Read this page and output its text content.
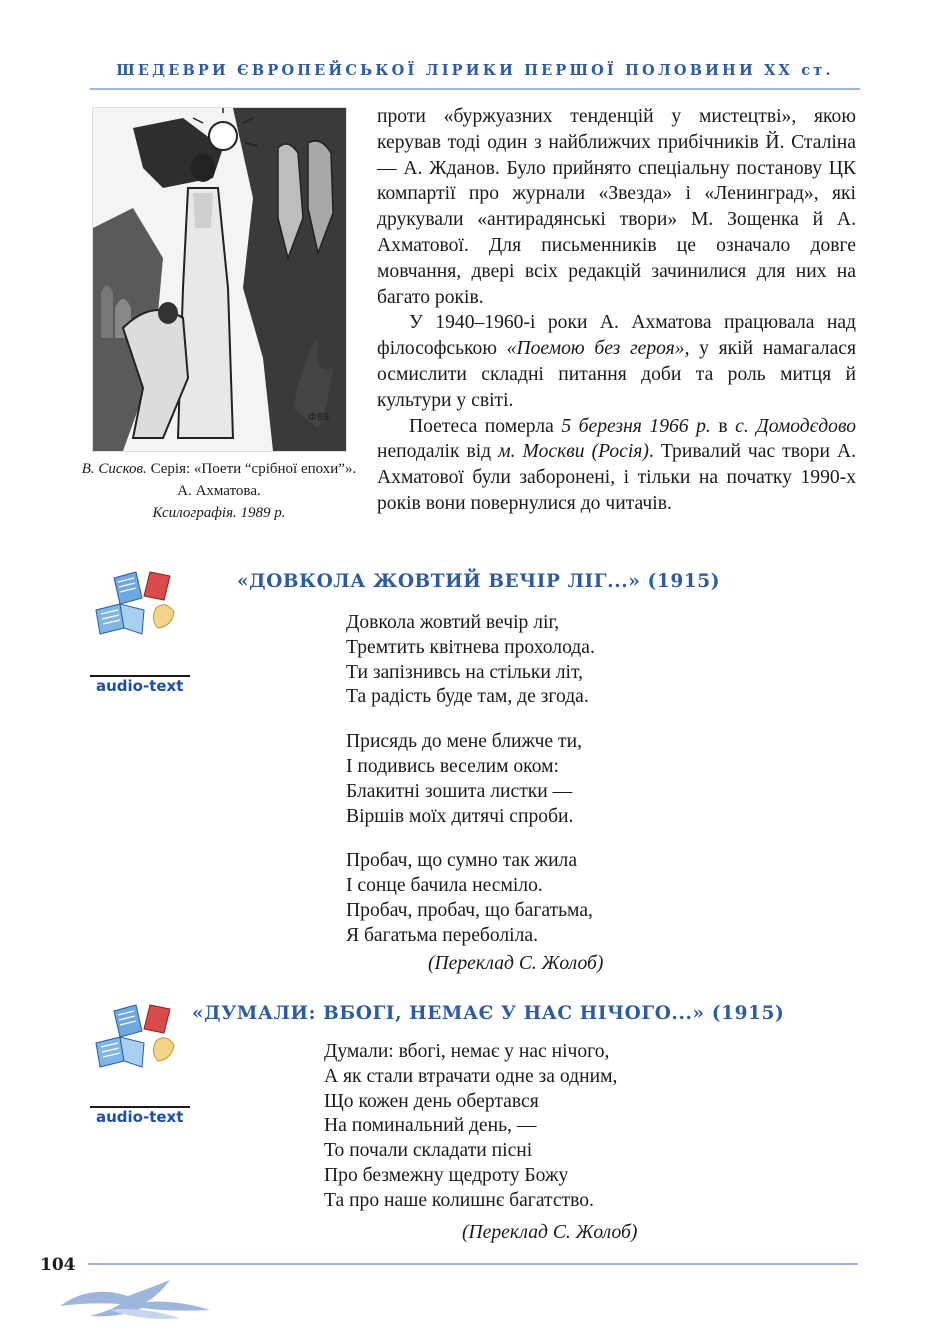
ШЕДЕВРИ ЄВРОПЕЙСЬКОЇ ЛІРИКИ ПЕРШОЇ ПОЛОВИНИ XX ст.
Ф89
В. Сисков. Серія: «Поети “срібної епохи”». А. Ахматова.
Ксилографія. 1989 р.

проти «буржуазних тенденцій у мистецтві», якою керував тоді один з найближчих прибічників Й. Сталіна — А. Жданов. Було прийнято спеціальну постанову ЦК компартії про журнали «Звезда» і «Ленинград», які друкували «антирадянські твори» М. Зощенка й А. Ахматової. Для письменників це означало довге мовчання, двері всіх редакцій зачинилися для них на багато років.

У 1940–1960-і роки А. Ахматова працювала над філософською «Поемою без героя», у якій намагалася осмислити складні питання доби та роль митця й культури у світі.

Поетеса померла 5 березня 1966 р. в с. Домодєдово неподалік від м. Москви (Росія). Тривалий час твори А. Ахматової були заборонені, і тільки на початку 1990-х років вони повернулися до читачів.

audio-text
«ДОВКОЛА ЖОВТИЙ ВЕЧІР ЛІГ...» (1915)
Довкола жовтий вечір ліг,
Тремтить квітнева прохолода.
Ти запізнивсь на стільки літ,
Та радість буде там, де згода.
Присядь до мене ближче ти,
І подивись веселим оком:
Блакитні зошита листки —
Віршів моїх дитячі спроби.
Пробач, що сумно так жила
І сонце бачила несміло.
Пробач, пробач, що багатьма,
Я багатьма переболіла.
(Переклад С. Жолоб)
audio-text
«ДУМАЛИ: ВБОГІ, НЕМАЄ У НАС НІЧОГО...» (1915)
Думали: вбогі, немає у нас нічого,
А як стали втрачати одне за одним,
Що кожен день обертався
На поминальний день, —
То почали складати пісні
Про безмежну щедроту Божу
Та про наше колишнє багатство.
(Переклад С. Жолоб)
104
